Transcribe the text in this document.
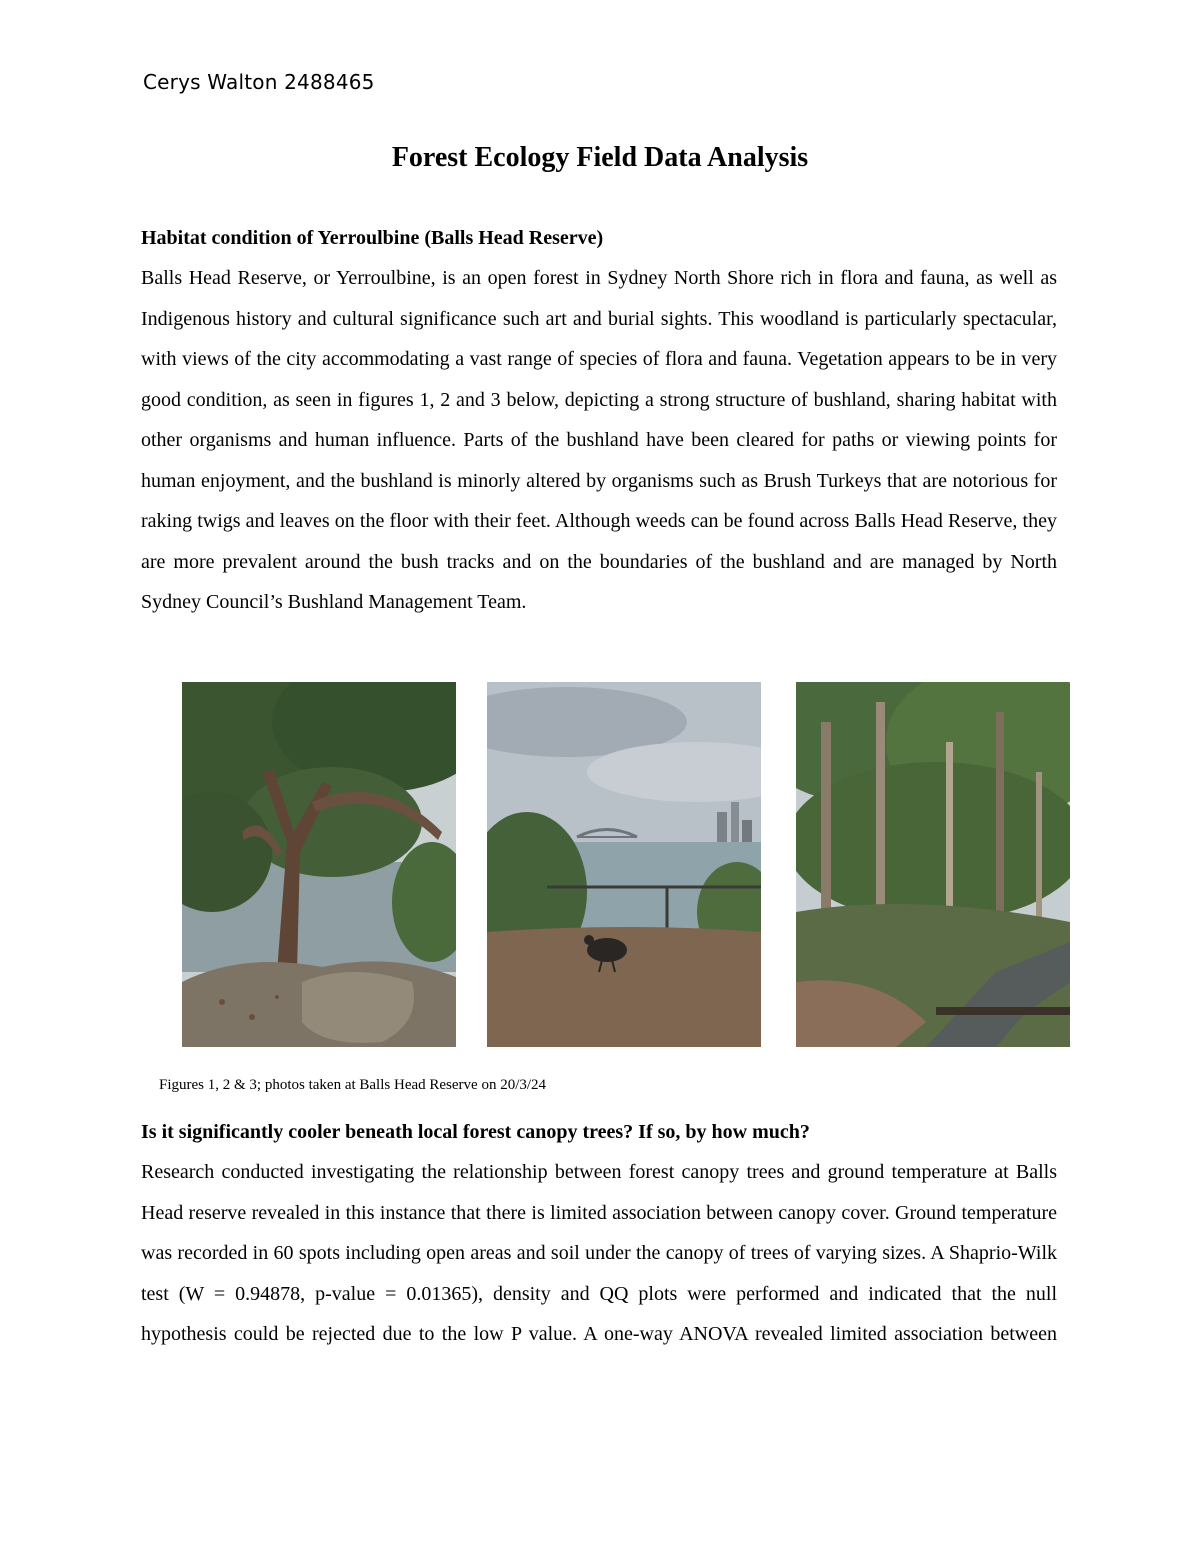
Cerys Walton 2488465
Forest Ecology Field Data Analysis
Habitat condition of Yerroulbine (Balls Head Reserve)

Balls Head Reserve, or Yerroulbine, is an open forest in Sydney North Shore rich in flora and fauna, as well as Indigenous history and cultural significance such art and burial sights. This woodland is particularly spectacular, with views of the city accommodating a vast range of species of flora and fauna. Vegetation appears to be in very good condition, as seen in figures 1, 2 and 3 below, depicting a strong structure of bushland, sharing habitat with other organisms and human influence. Parts of the bushland have been cleared for paths or viewing points for human enjoyment, and the bushland is minorly altered by organisms such as Brush Turkeys that are notorious for raking twigs and leaves on the floor with their feet. Although weeds can be found across Balls Head Reserve, they are more prevalent around the bush tracks and on the boundaries of the bushland and are managed by North Sydney Council’s Bushland Management Team.

Figures 1, 2 & 3; photos taken at Balls Head Reserve on 20/3/24
Is it significantly cooler beneath local forest canopy trees? If so, by how much?

Research conducted investigating the relationship between forest canopy trees and ground temperature at Balls Head reserve revealed in this instance that there is limited association between canopy cover. Ground temperature was recorded in 60 spots including open areas and soil under the canopy of trees of varying sizes. A Shaprio-Wilk test (W = 0.94878, p-value = 0.01365), density and QQ plots were performed and indicated that the null hypothesis could be rejected due to the low P value. A one-way ANOVA revealed limited association between
